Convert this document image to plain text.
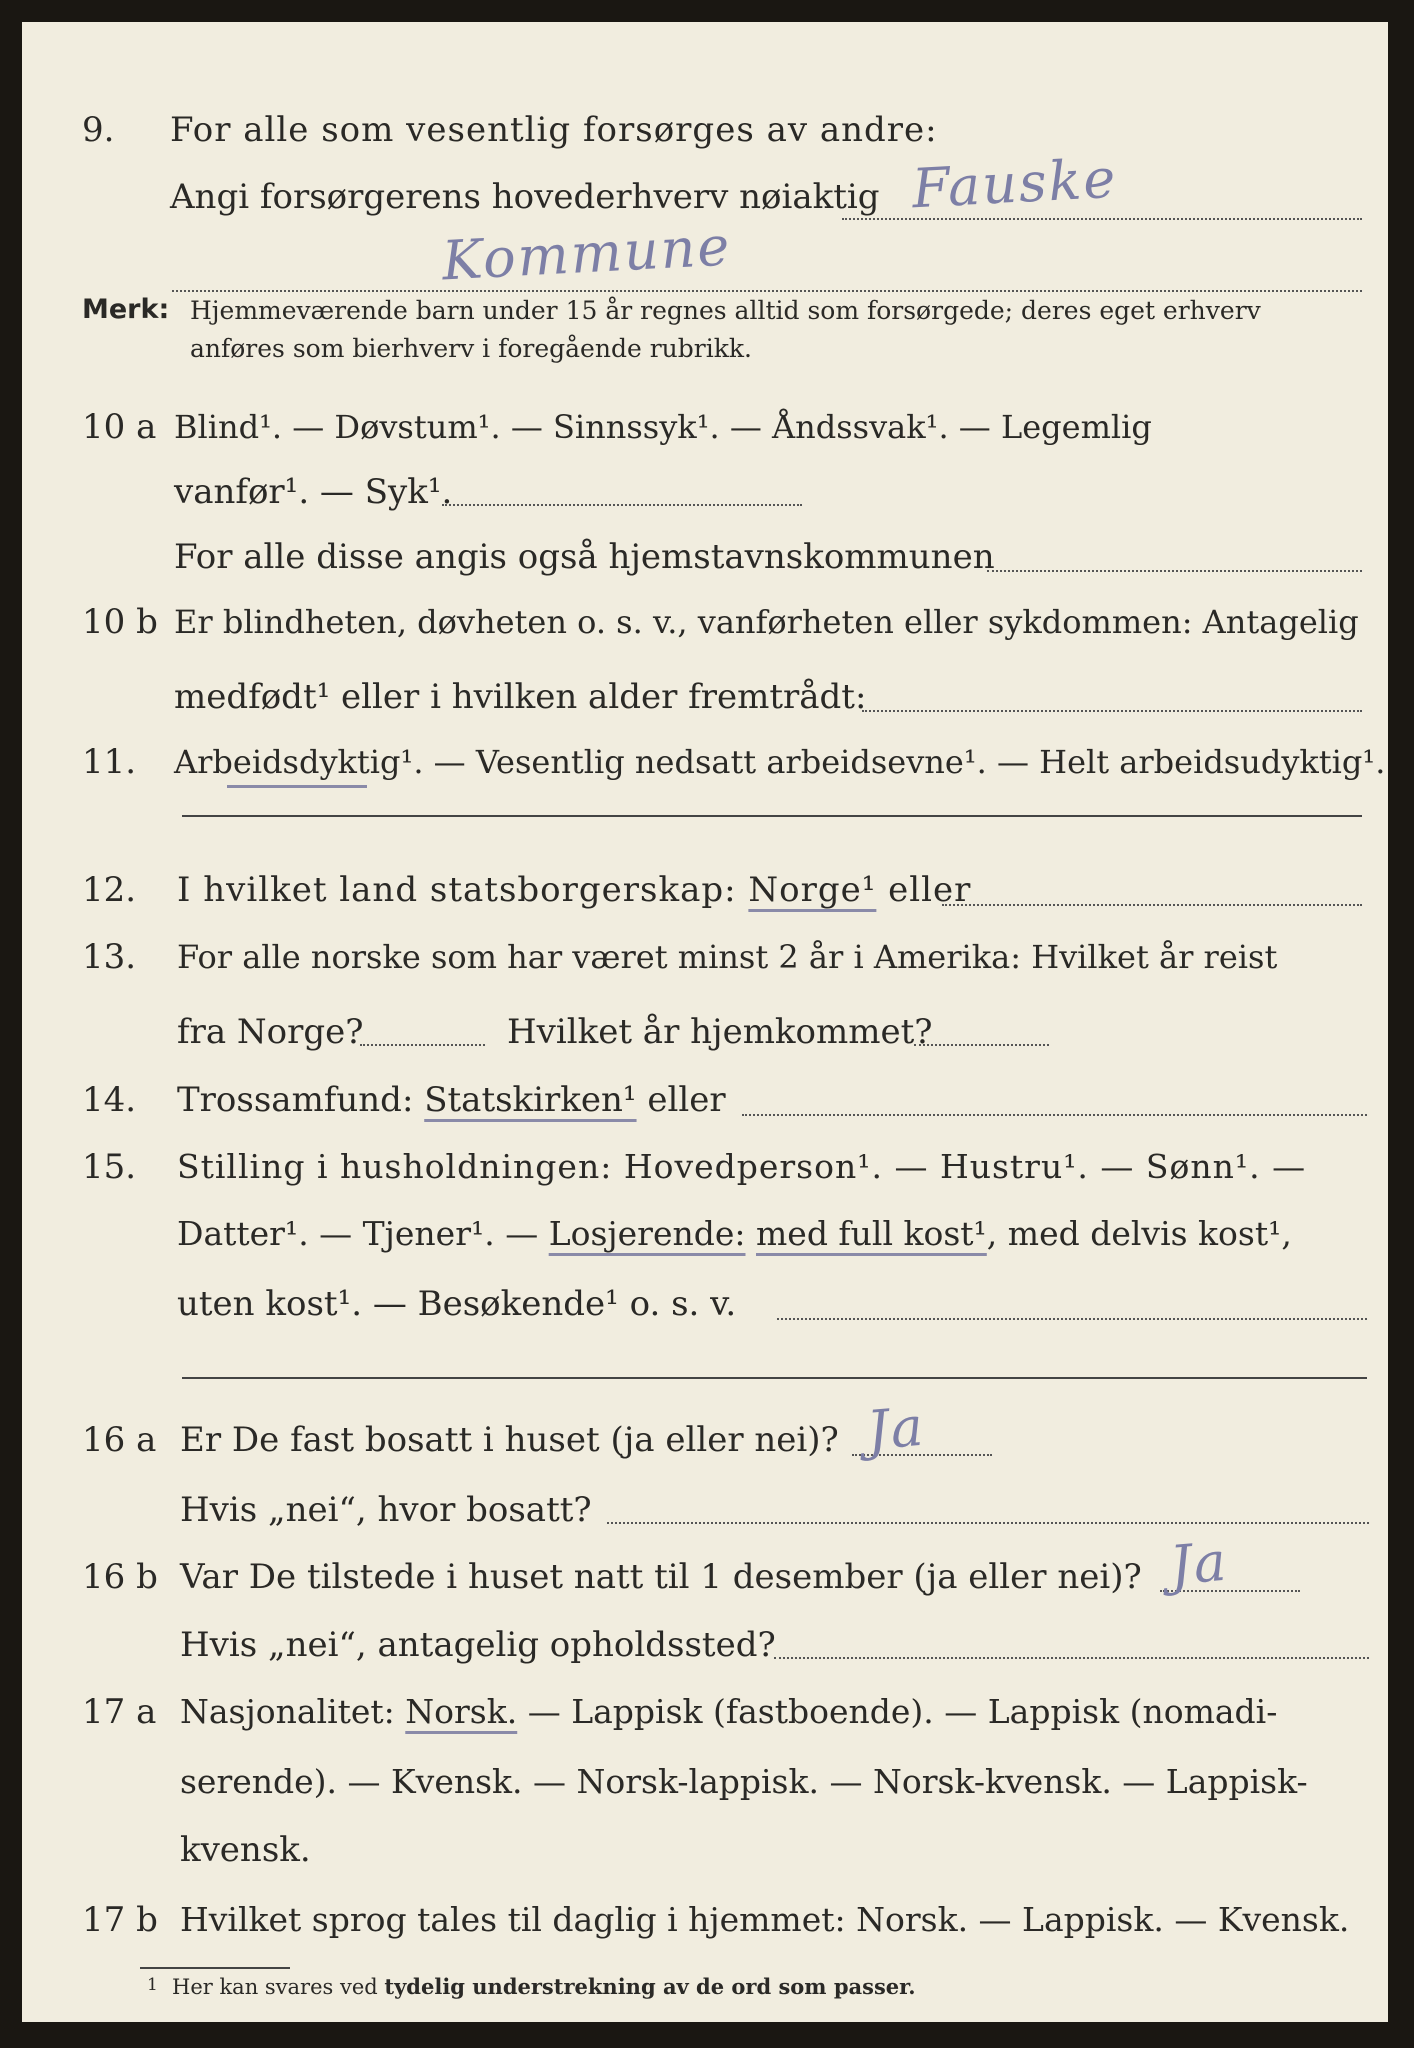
9. For alle som vesentlig forsørges av andre:
Angi forsørgerens hovederhverv nøiaktig Fauske
Kommune
Merk: Hjemmeværende barn under 15 år regnes alltid som forsørgede; deres eget erhverv
anføres som bierhverv i foregående rubrikk.
10 a Blind¹. — Døvstum¹. — Sinnssyk¹. — Åndssvak¹. — Legemlig
vanfør¹. — Syk¹.
For alle disse angis også hjemstavnskommunen
10 b Er blindheten, døvheten o. s. v., vanførheten eller sykdommen: Antagelig
medfødt¹ eller i hvilken alder fremtrådt:
11. Arbeidsdyktig¹. — Vesentlig nedsatt arbeidsevne¹. — Helt arbeidsudyktig¹.
12. I hvilket land statsborgerskap: Norge¹ eller
13. For alle norske som har været minst 2 år i Amerika: Hvilket år reist
fra Norge?	Hvilket år hjemkommet?
14. Trossamfund: Statskirken¹ eller
15. Stilling i husholdningen: Hovedperson¹. — Hustru¹. — Sønn¹. —
Datter¹. — Tjener¹. — Losjerende: med full kost¹, med delvis kost¹,
uten kost¹. — Besøkende¹ o. s. v.
16 a Er De fast bosatt i huset (ja eller nei)? Ja
Hvis „nei“, hvor bosatt?
16 b Var De tilstede i huset natt til 1 desember (ja eller nei)? Ja
Hvis „nei“, antagelig opholdssted?
17 a Nasjonalitet: Norsk. — Lappisk (fastboende). — Lappisk (nomadi-
serende). — Kvensk. — Norsk-lappisk. — Norsk-kvensk. — Lappisk-
kvensk.
17 b Hvilket sprog tales til daglig i hjemmet: Norsk. — Lappisk. — Kvensk.
1 Her kan svares ved tydelig understrekning av de ord som passer.
